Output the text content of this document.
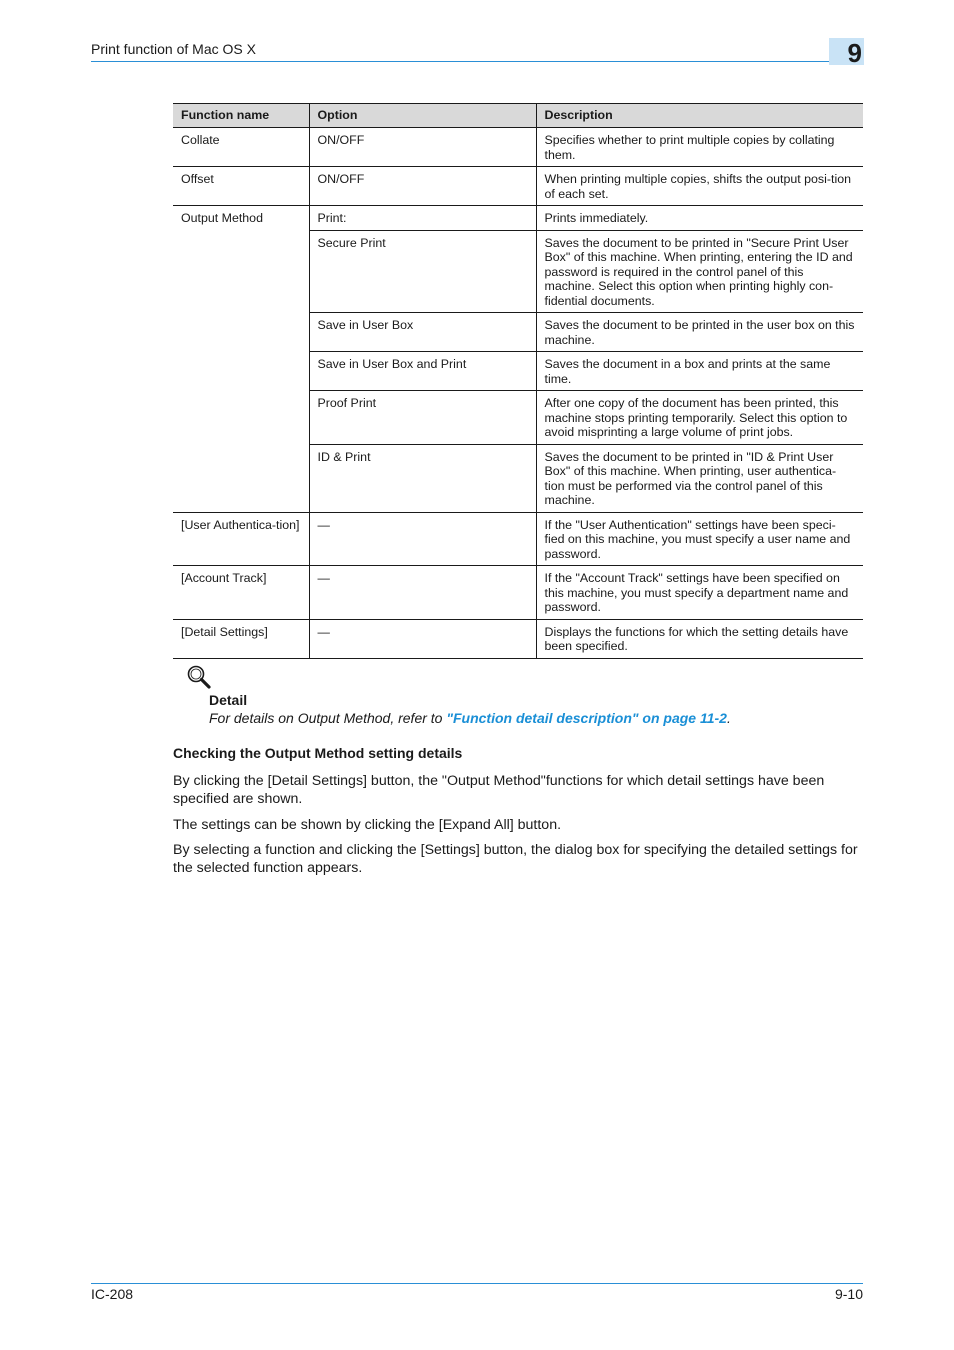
Print function of Mac OS X	9
Function name	Option	Description
Collate	ON/OFF	Specifies whether to print multiple copies by collating them.
Offset	ON/OFF	When printing multiple copies, shifts the output posi-tion of each set.
Output Method	Print:	Prints immediately.
	Secure Print	Saves the document to be printed in "Secure Print User Box" of this machine. When printing, entering the ID and password is required in the control panel of this machine. Select this option when printing highly con-fidential documents.
	Save in User Box	Saves the document to be printed in the user box on this machine.
	Save in User Box and Print	Saves the document in a box and prints at the same time.
	Proof Print	After one copy of the document has been printed, this machine stops printing temporarily. Select this option to avoid misprinting a large volume of print jobs.
	ID & Print	Saves the document to be printed in "ID & Print User Box" of this machine. When printing, user authentica-tion must be performed via the control panel of this machine.
[User Authentica-tion]	—	If the "User Authentication" settings have been speci-fied on this machine, you must specify a user name and password.
[Account Track]	—	If the "Account Track" settings have been specified on this machine, you must specify a department name and password.
[Detail Settings]	—	Displays the functions for which the setting details have been specified.
Detail
For details on Output Method, refer to "Function detail description" on page 11-2.
Checking the Output Method setting details

By clicking the [Detail Settings] button, the "Output Method"functions for which detail settings have been specified are shown.

The settings can be shown by clicking the [Expand All] button.

By selecting a function and clicking the [Settings] button, the dialog box for specifying the detailed settings for the selected function appears.

IC-208	9-10
